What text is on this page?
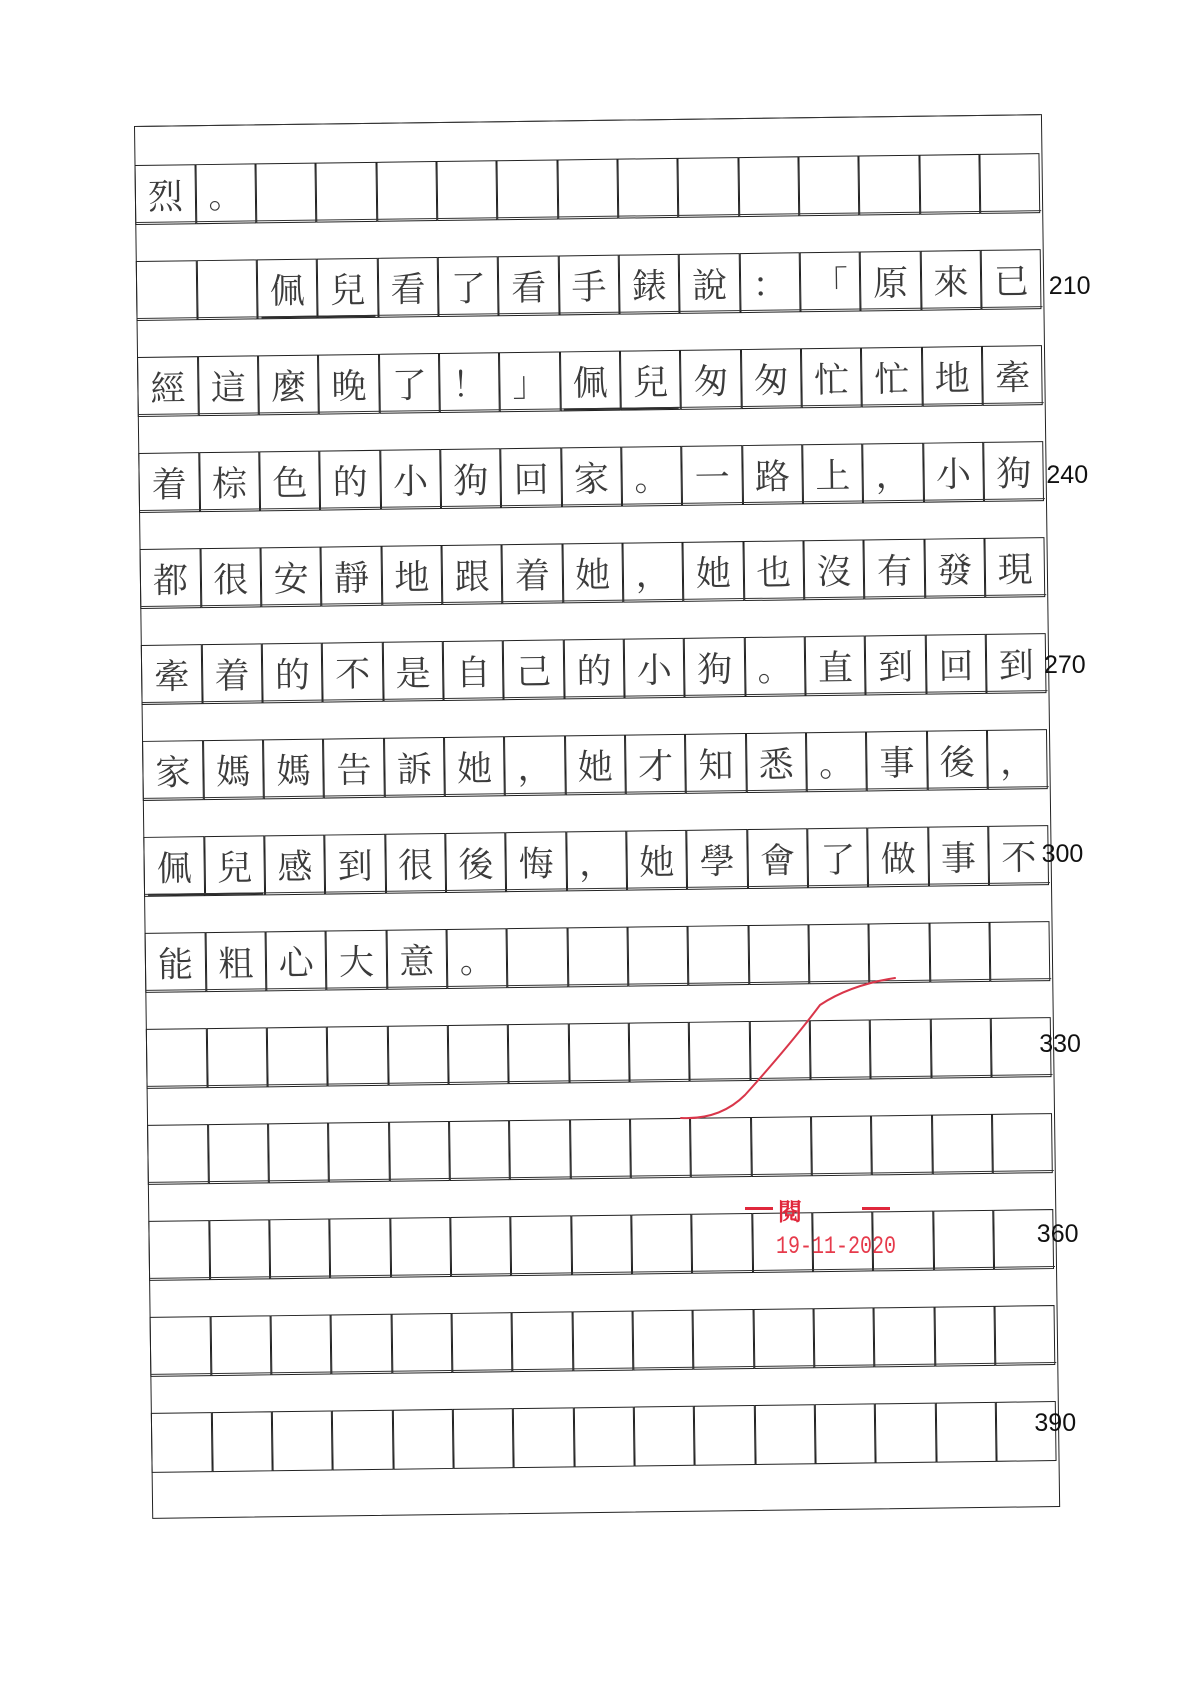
烈 。
佩 兒 看 了 看 手 錶 說 ： 「 原 來 已
經 這 麼 晚 了 ！ 」 佩 兒 匆 匆 忙 忙 地 牽
着 棕 色 的 小 狗 回 家 。 一 路 上 ， 小 狗
都 很 安 靜 地 跟 着 她 ， 她 也 沒 有 發 現
牽 着 的 不 是 自 己 的 小 狗 。 直 到 回 到
家 媽 媽 告 訴 她 ， 她 才 知 悉 。 事 後 ，
佩 兒 感 到 很 後 悔 ， 她 學 會 了 做 事 不
能 粗 心 大 意 。
210
240
270
300
330
360
390
閱
19-11-2020
